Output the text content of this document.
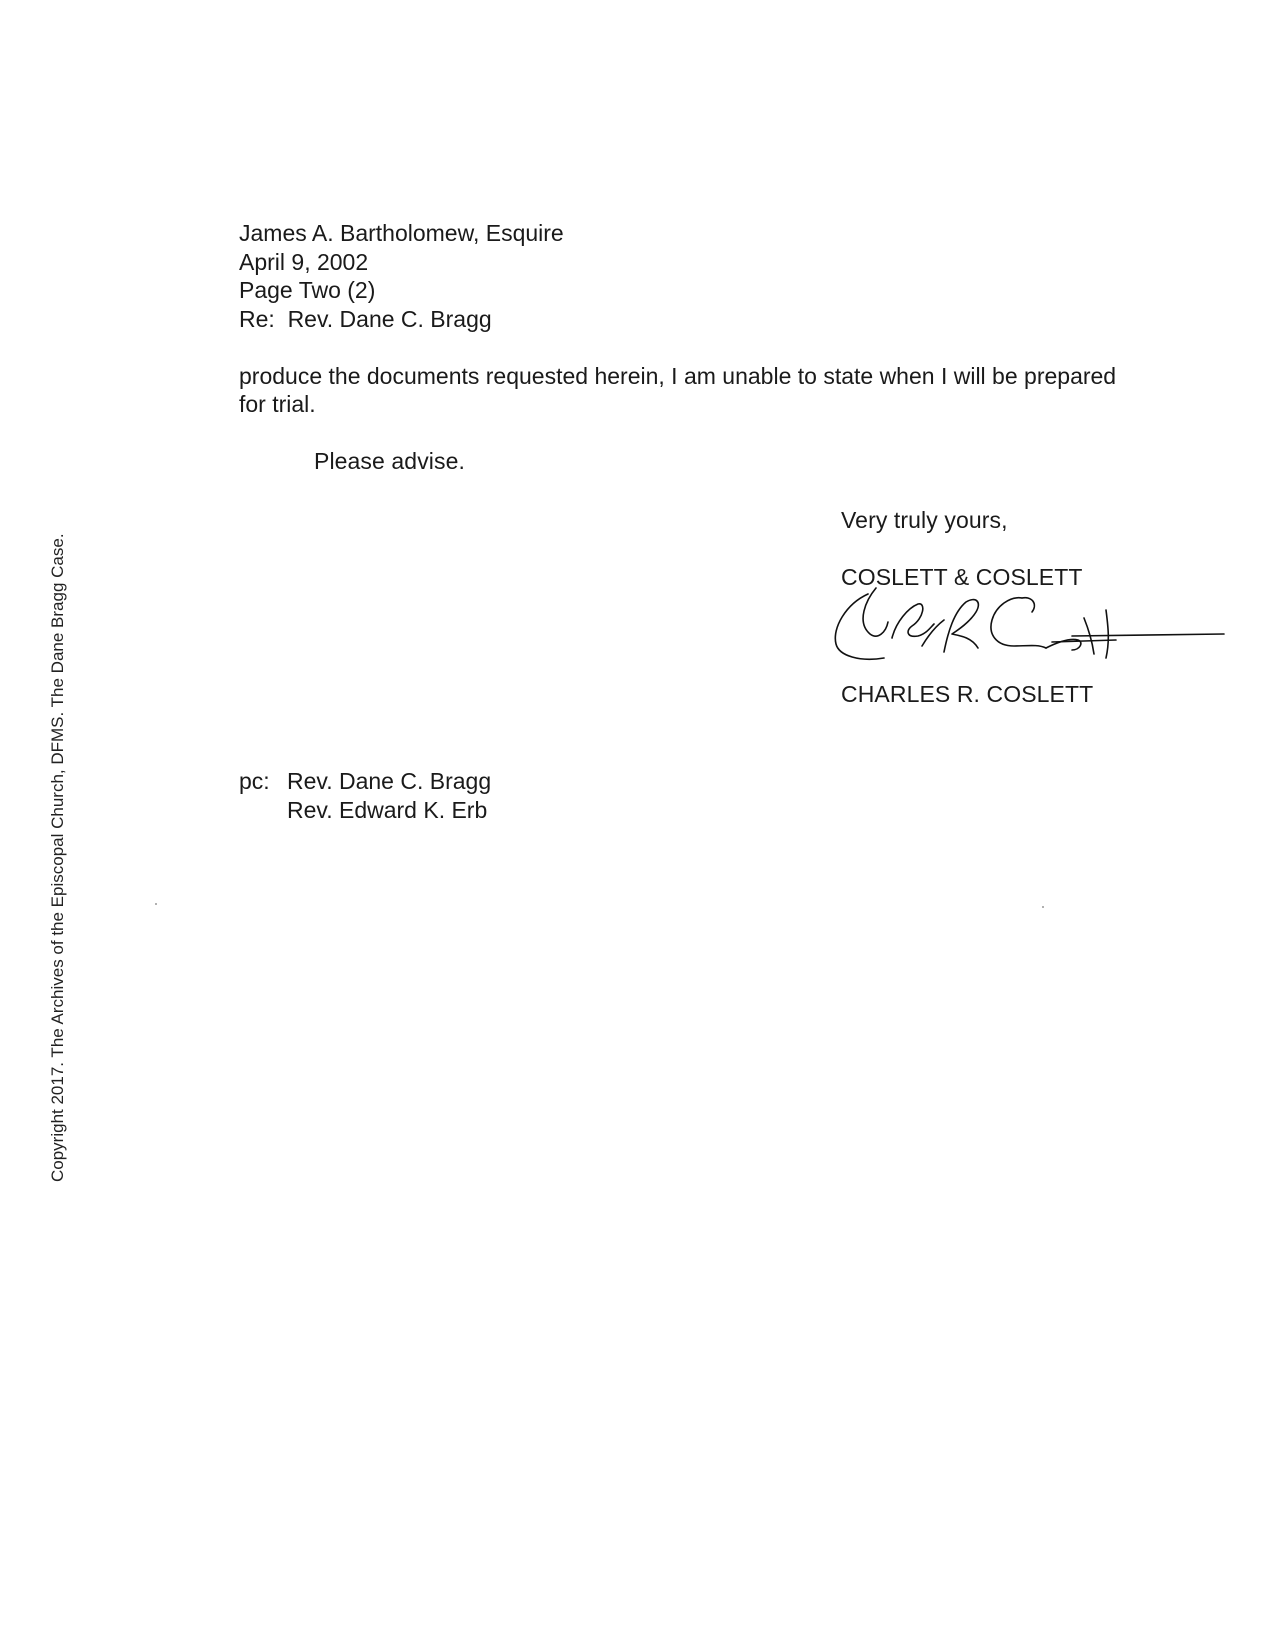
Copyright 2017. The Archives of the Episcopal Church, DFMS. The Dane Bragg Case.
James A. Bartholomew, Esquire
April 9, 2002
Page Two (2)
Re:  Rev. Dane C. Bragg
produce the documents requested herein, I am unable to state when I will be prepared
for trial.
Please advise.
Very truly yours,
COSLETT & COSLETT
CHARLES R. COSLETT
pc: Rev. Dane C. Bragg
Rev. Edward K. Erb
